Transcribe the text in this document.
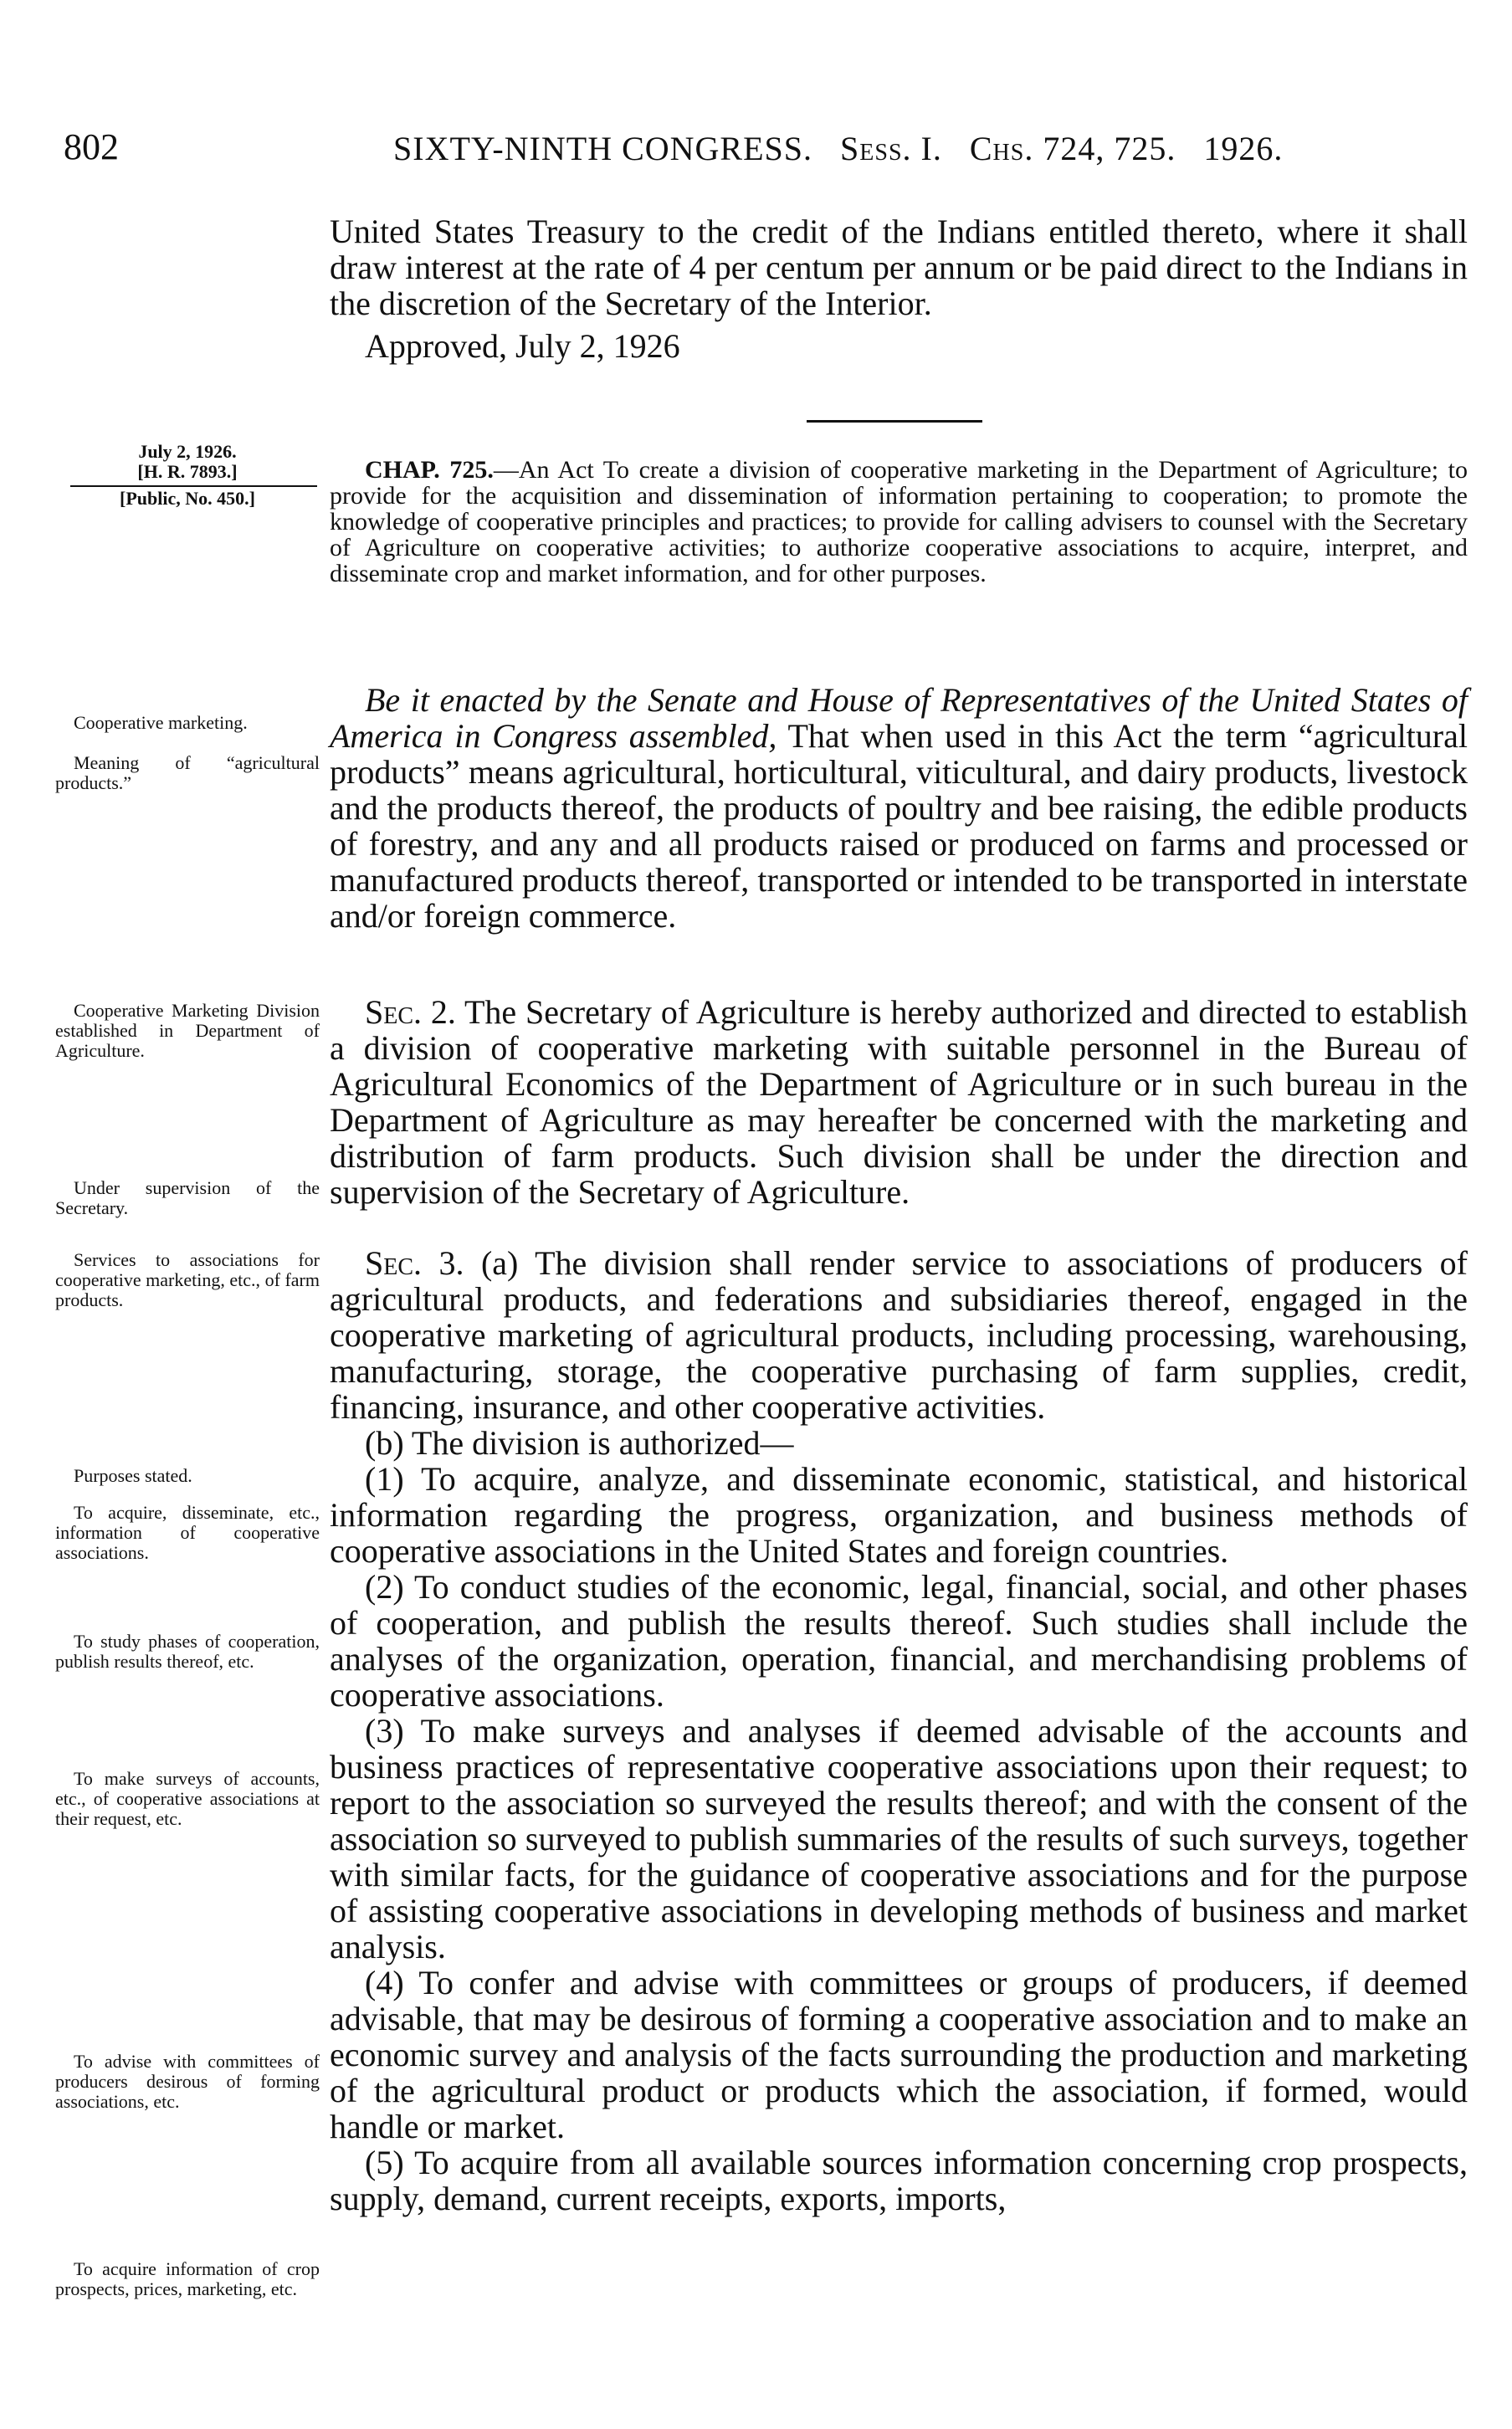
802	SIXTY-NINTH CONGRESS. Sess. I. Chs. 724, 725. 1926.

United States Treasury to the credit of the Indians entitled thereto, where it shall draw interest at the rate of 4 per centum per annum or be paid direct to the Indians in the discretion of the Secretary of the Interior.

Approved, July 2, 1926

July 2, 1926.
[H. R. 7893.]
[Public, No. 450.]

CHAP. 725.—An Act To create a division of cooperative marketing in the Department of Agriculture; to provide for the acquisition and dissemination of information pertaining to cooperation; to promote the knowledge of cooperative principles and practices; to provide for calling advisers to counsel with the Secretary of Agriculture on cooperative activities; to authorize cooperative associations to acquire, interpret, and disseminate crop and market information, and for other purposes.

Be it enacted by the Senate and House of Representatives of the United States of America in Congress assembled, That when used in this Act the term “agricultural products” means agricultural, horticultural, viticultural, and dairy products, livestock and the products thereof, the products of poultry and bee raising, the edible products of forestry, and any and all products raised or produced on farms and processed or manufactured products thereof, transported or intended to be transported in interstate and/or foreign commerce.

Sec. 2. The Secretary of Agriculture is hereby authorized and directed to establish a division of cooperative marketing with suitable personnel in the Bureau of Agricultural Economics of the Department of Agriculture or in such bureau in the Department of Agriculture as may hereafter be concerned with the marketing and distribution of farm products. Such division shall be under the direction and supervision of the Secretary of Agriculture.

Sec. 3. (a) The division shall render service to associations of producers of agricultural products, and federations and subsidiaries thereof, engaged in the cooperative marketing of agricultural products, including processing, warehousing, manufacturing, storage, the cooperative purchasing of farm supplies, credit, financing, insurance, and other cooperative activities.

(b) The division is authorized—

(1) To acquire, analyze, and disseminate economic, statistical, and historical information regarding the progress, organization, and business methods of cooperative associations in the United States and foreign countries.

(2) To conduct studies of the economic, legal, financial, social, and other phases of cooperation, and publish the results thereof. Such studies shall include the analyses of the organization, operation, financial, and merchandising problems of cooperative associations.

(3) To make surveys and analyses if deemed advisable of the accounts and business practices of representative cooperative associations upon their request; to report to the association so surveyed the results thereof; and with the consent of the association so surveyed to publish summaries of the results of such surveys, together with similar facts, for the guidance of cooperative associations and for the purpose of assisting cooperative associations in developing methods of business and market analysis.

(4) To confer and advise with committees or groups of producers, if deemed advisable, that may be desirous of forming a cooperative association and to make an economic survey and analysis of the facts surrounding the production and marketing of the agricultural product or products which the association, if formed, would handle or market.

(5) To acquire from all available sources information concerning crop prospects, supply, demand, current receipts, exports, imports,

Cooperative marketing.
Meaning of “agricultural products.”
Cooperative Marketing Division established in Department of Agriculture.
Under supervision of the Secretary.
Services to associations for cooperative marketing, etc., of farm products.
Purposes stated.
To acquire, disseminate, etc., information of cooperative associations.
To study phases of cooperation, publish results thereof, etc.
To make surveys of accounts, etc., of cooperative associations at their request, etc.
To advise with committees of producers desirous of forming associations, etc.
To acquire information of crop prospects, prices, marketing, etc.
